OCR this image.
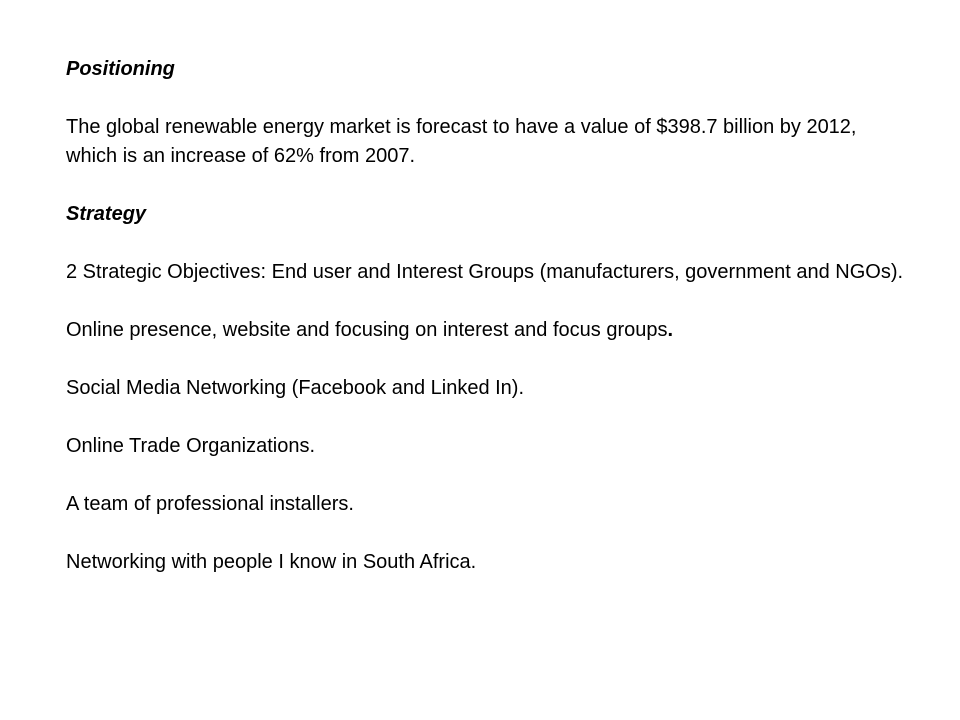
Positioning
The global renewable energy market is forecast to have a value of $398.7 billion by 2012, which is an increase of 62% from 2007.
Strategy
2 Strategic Objectives: End user and Interest Groups (manufacturers, government and NGOs).
Online presence, website and focusing on interest and focus groups.
Social Media Networking (Facebook and Linked In).
Online Trade Organizations.
A team of professional installers.
Networking with people I know in South Africa.
